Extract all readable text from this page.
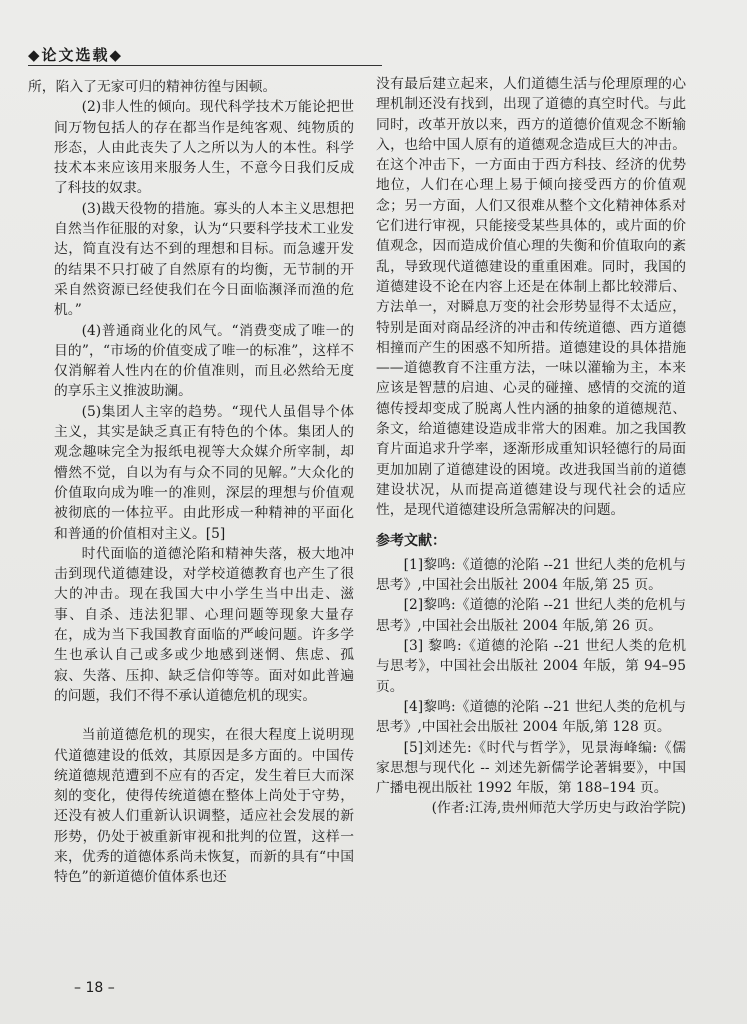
◆论文选载◆

所，陷入了无家可归的精神彷徨与困顿。

(2)非人性的倾向。现代科学技术万能论把世间万物包括人的存在都当作是纯客观、纯物质的形态，人由此丧失了人之所以为人的本性。科学技术本来应该用来服务人生，不意今日我们反成了科技的奴隶。

(3)戡天役物的措施。寡头的人本主义思想把自然当作征服的对象，认为“只要科学技术工业发达，简直没有达不到的理想和目标。而急遽开发的结果不只打破了自然原有的均衡，无节制的开采自然资源已经使我们在今日面临濒泽而渔的危机。”

(4)普通商业化的风气。“消费变成了唯一的目的”，“市场的价值变成了唯一的标准”，这样不仅消解着人性内在的价值准则，而且必然给无度的享乐主义推波助澜。

(5)集团人主宰的趋势。“现代人虽倡导个体主义，其实是缺乏真正有特色的个体。集团人的观念趣味完全为报纸电视等大众媒介所宰制，却懵然不觉，自以为有与众不同的见解。”大众化的价值取向成为唯一的准则，深层的理想与价值观被彻底的一体拉平。由此形成一种精神的平面化和普通的价值相对主义。[5]

时代面临的道德沦陷和精神失落，极大地冲击到现代道德建设，对学校道德教育也产生了很大的冲击。现在我国大中小学生当中出走、滋事、自杀、违法犯罪、心理问题等现象大量存在，成为当下我国教育面临的严峻问题。许多学生也承认自己或多或少地感到迷惘、焦虑、孤寂、失落、压抑、缺乏信仰等等。面对如此普遍的问题，我们不得不承认道德危机的现实。

当前道德危机的现实，在很大程度上说明现代道德建设的低效，其原因是多方面的。中国传统道德规范遭到不应有的否定，发生着巨大而深刻的变化，使得传统道德在整体上尚处于守势，还没有被人们重新认识调整，适应社会发展的新形势，仍处于被重新审视和批判的位置，这样一来，优秀的道德体系尚未恢复，而新的具有“中国特色”的新道德价值体系也还

没有最后建立起来，人们道德生活与伦理原理的心理机制还没有找到，出现了道德的真空时代。与此同时，改革开放以来，西方的道德价值观念不断输入，也给中国人原有的道德观念造成巨大的冲击。在这个冲击下，一方面由于西方科技、经济的优势地位，人们在心理上易于倾向接受西方的价值观念；另一方面，人们又很难从整个文化精神体系对它们进行审视，只能接受某些具体的，或片面的价值观念，因而造成价值心理的失衡和价值取向的紊乱，导致现代道德建设的重重困难。同时，我国的道德建设不论在内容上还是在体制上都比较滞后、方法单一，对瞬息万变的社会形势显得不太适应，特别是面对商品经济的冲击和传统道德、西方道德相撞而产生的困惑不知所措。道德建设的具体措施——道德教育不注重方法，一味以灌输为主，本来应该是智慧的启迪、心灵的碰撞、感情的交流的道德传授却变成了脱离人性内涵的抽象的道德规范、条文，给道德建设造成非常大的困难。加之我国教育片面追求升学率，逐渐形成重知识轻德行的局面更加加剧了道德建设的困境。改进我国当前的道德建设状况，从而提高道德建设与现代社会的适应性，是现代道德建设所急需解决的问题。

参考文献：

[1]黎鸣:《道德的沦陷 --21 世纪人类的危机与思考》,中国社会出版社 2004 年版,第 25 页。

[2]黎鸣:《道德的沦陷 --21 世纪人类的危机与思考》,中国社会出版社 2004 年版,第 26 页。

[3] 黎鸣:《道德的沦陷 --21 世纪人类的危机与思考》，中国社会出版社 2004 年版，第 94–95 页。

[4]黎鸣:《道德的沦陷 --21 世纪人类的危机与思考》,中国社会出版社 2004 年版,第 128 页。

[5]刘述先:《时代与哲学》，见景海峰编:《儒家思想与现代化 -- 刘述先新儒学论著辑要》，中国广播电视出版社 1992 年版，第 188–194 页。

(作者:江涛,贵州师范大学历史与政治学院)

– 18 –
